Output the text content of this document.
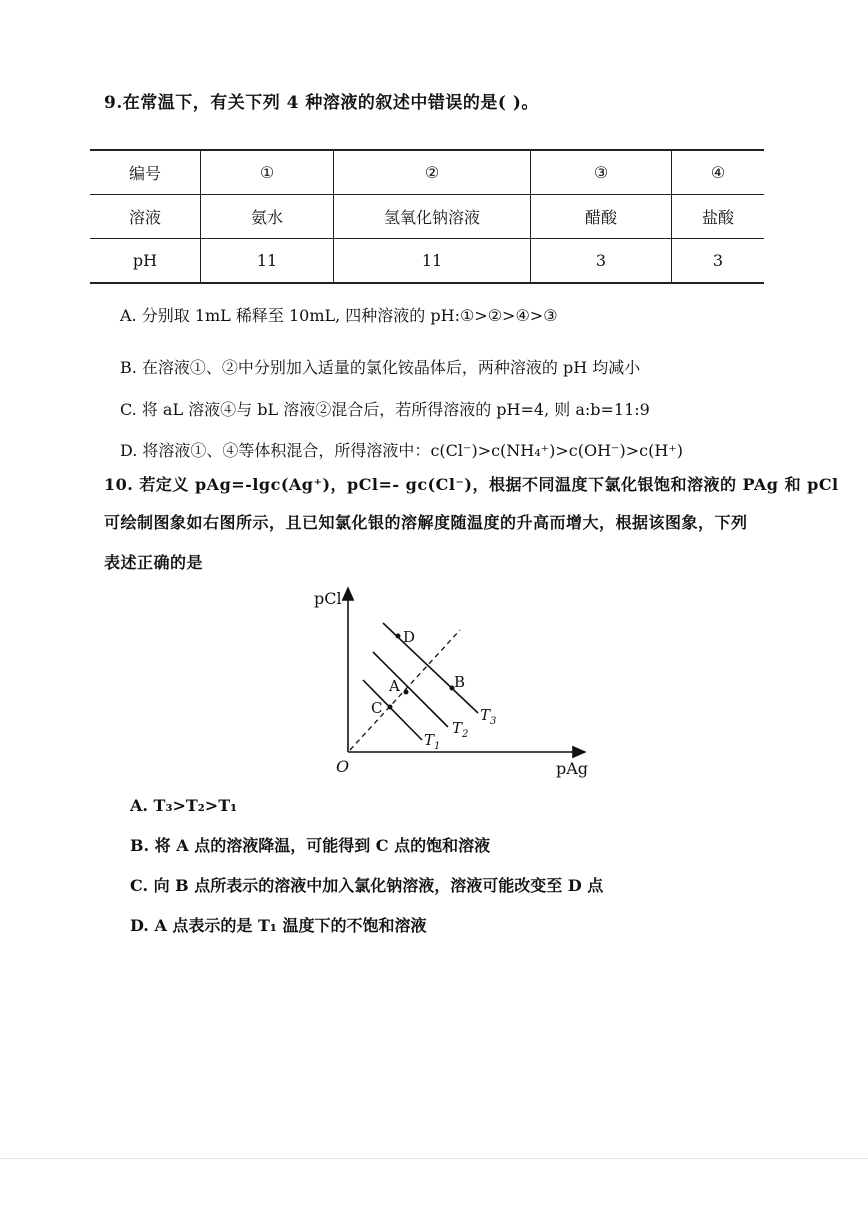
9.在常温下，有关下列 4 种溶液的叙述中错误的是( )。
编号	①	②	③	④
溶液	氨水	氢氧化钠溶液	醋酸	盐酸
pH	11	11	3	3
A. 分别取 1mL 稀释至 10mL, 四种溶液的 pH:①>②>④>③
B. 在溶液①、②中分别加入适量的氯化铵晶体后，两种溶液的 pH 均减小
C. 将 aL 溶液④与 bL 溶液②混合后，若所得溶液的 pH=4, 则 a:b=11:9
D. 将溶液①、④等体积混合，所得溶液中：c(Cl⁻)>c(NH₄⁺)>c(OH⁻)>c(H⁺)
10. 若定义 pAg=-lgc(Ag⁺)，pCl=- gc(Cl⁻)，根据不同温度下氯化银饱和溶液的 PAg 和 pCl
可绘制图象如右图所示，且已知氯化银的溶解度随温度的升高而增大，根据该图象，下列
表述正确的是
pCl
pAg
O
D
A	B
C
$T_1$
$T_2$
$T_3$
A. T₃>T₂>T₁
B. 将 A 点的溶液降温，可能得到 C 点的饱和溶液
C. 向 B 点所表示的溶液中加入氯化钠溶液，溶液可能改变至 D 点
D. A 点表示的是 T₁ 温度下的不饱和溶液
